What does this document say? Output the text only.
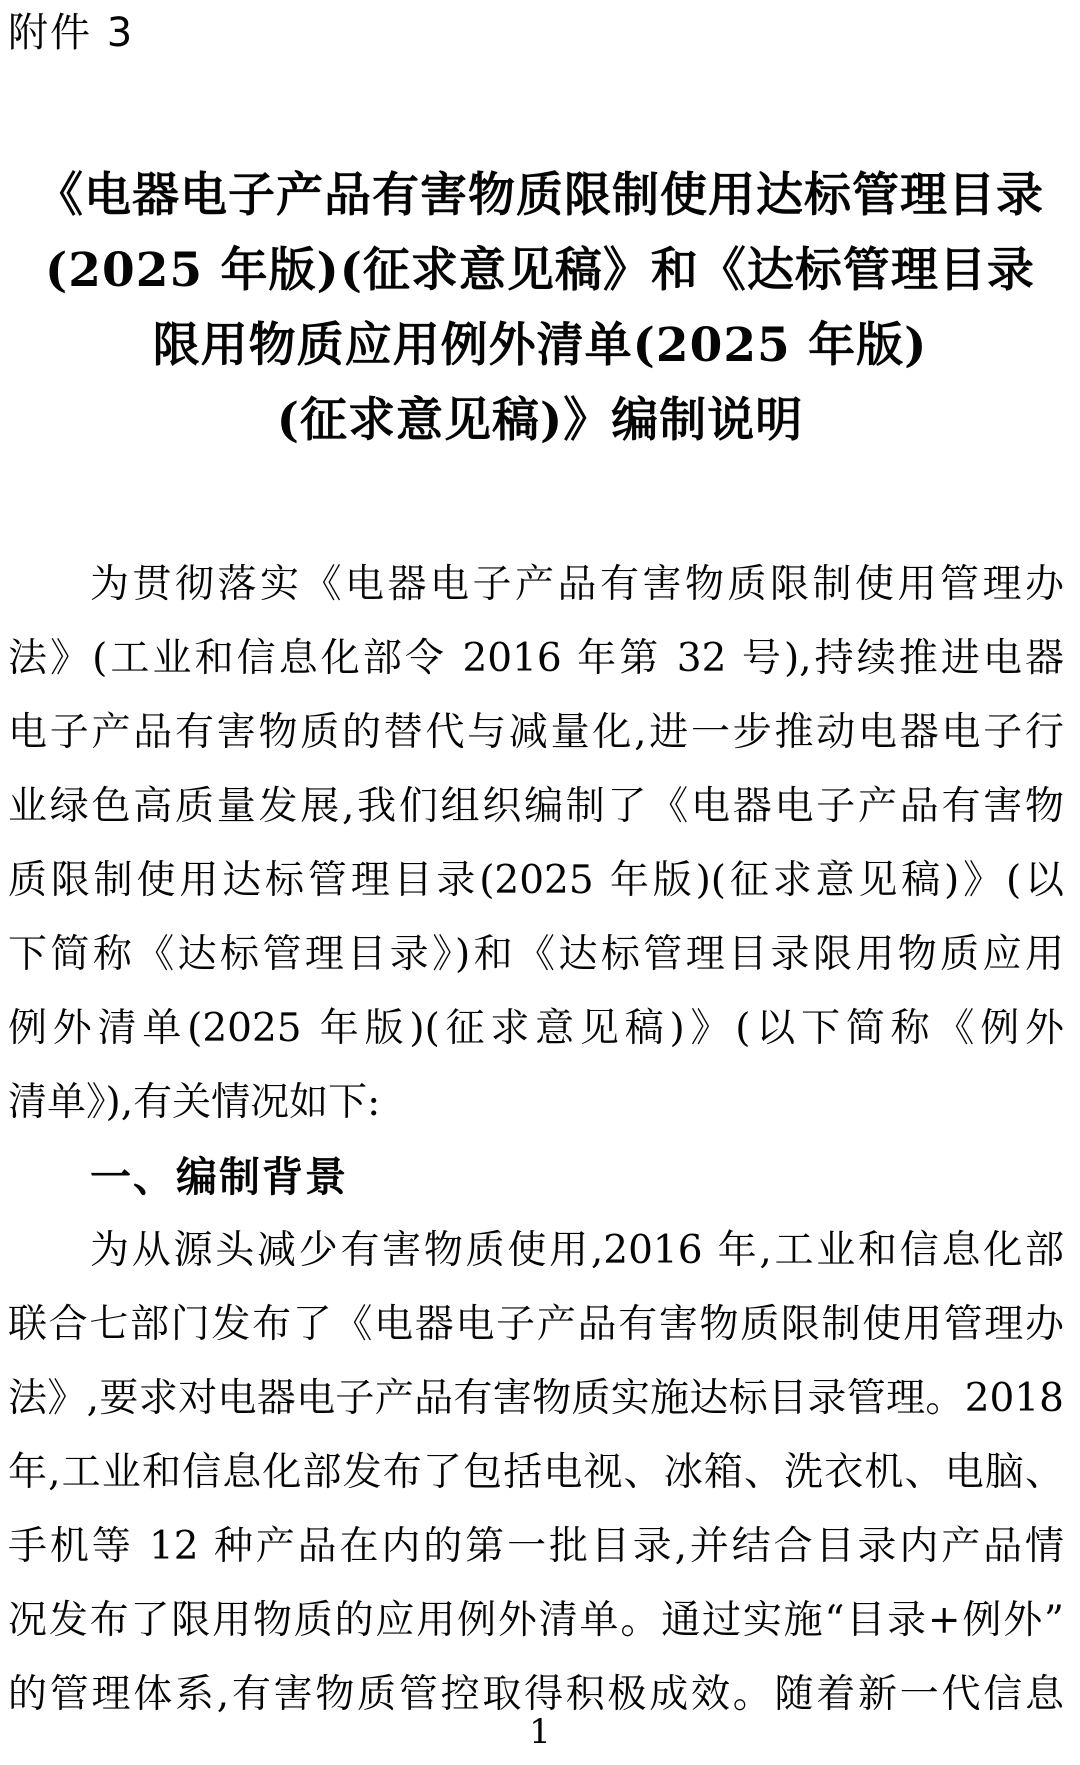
附件 3
《电器电子产品有害物质限制使用达标管理目录
(2025 年版)(征求意见稿》和《达标管理目录
限用物质应用例外清单(2025 年版)
(征求意见稿)》编制说明
为贯彻落实《电器电子产品有害物质限制使用管理办
法》(工业和信息化部令 2016 年第 32 号),持续推进电器
电子产品有害物质的替代与减量化,进一步推动电器电子行
业绿色高质量发展,我们组织编制了《电器电子产品有害物
质限制使用达标管理目录(2025 年版)(征求意见稿)》(以
下简称《达标管理目录》)和《达标管理目录限用物质应用
例外清单(2025 年版)(征求意见稿)》(以下简称《例外
清单》),有关情况如下:
一、编制背景
为从源头减少有害物质使用,2016 年,工业和信息化部
联合七部门发布了《电器电子产品有害物质限制使用管理办
法》,要求对电器电子产品有害物质实施达标目录管理。2018
年,工业和信息化部发布了包括电视、冰箱、洗衣机、电脑、
手机等 12 种产品在内的第一批目录,并结合目录内产品情
况发布了限用物质的应用例外清单。通过实施“目录+例外”
的管理体系,有害物质管控取得积极成效。随着新一代信息
1
